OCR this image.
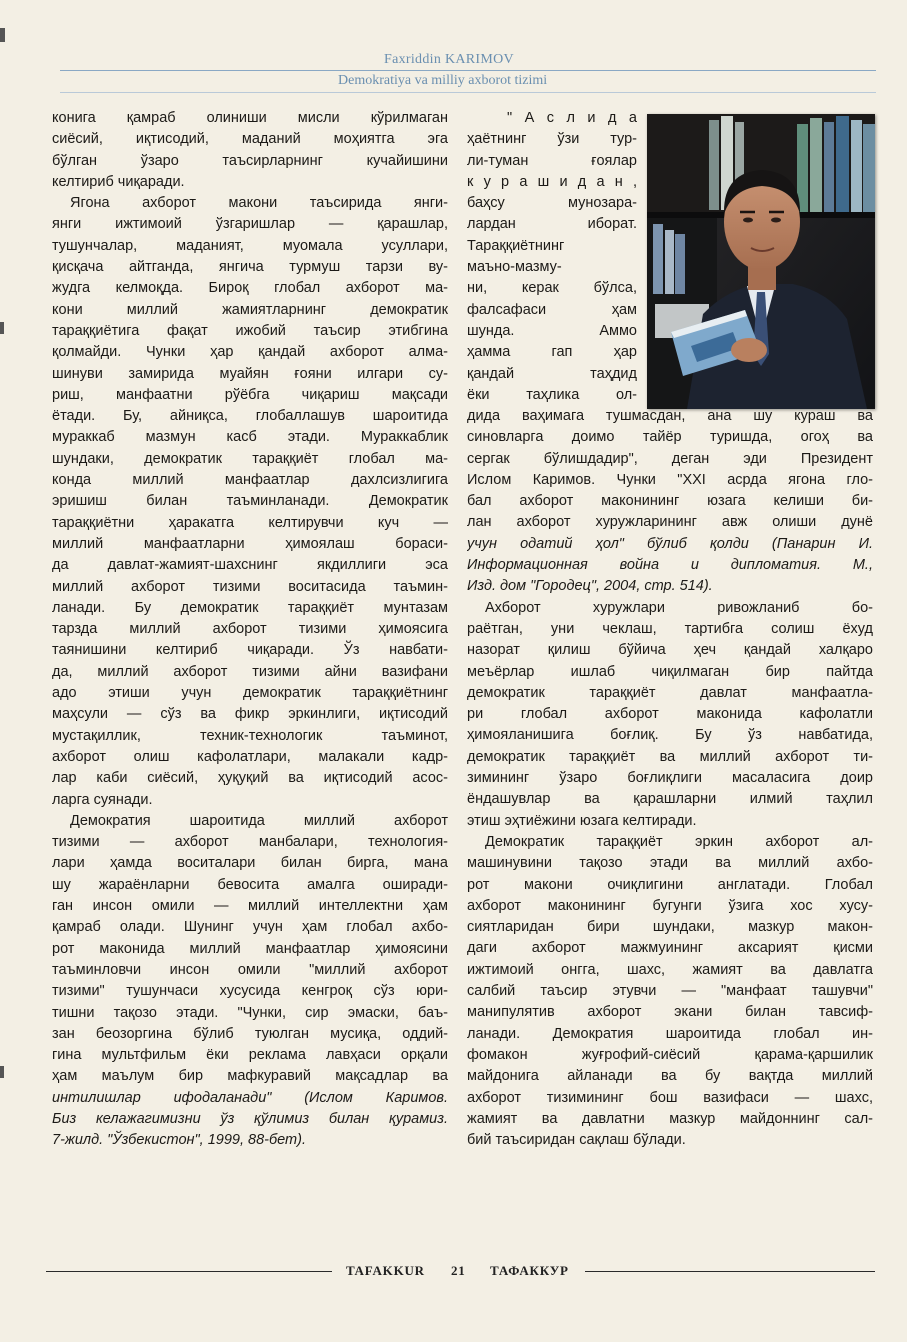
Faxriddin KARIMOV
Demokratiya va milliy axborot tizimi
конига қамраб олиниши мисли кўрилмаган
сиёсий, иқтисодий, маданий моҳиятга эга
бўлган ўзаро таъсирларнинг кучайишини
келтириб чиқаради.
Ягона ахборот макони таъсирида янги-
янги ижтимоий ўзгаришлар — қарашлар,
тушунчалар, маданият, муомала усуллари,
қисқача айтганда, янгича турмуш тарзи ву-
жудга келмоқда. Бироқ глобал ахборот ма-
кони миллий жамиятларнинг демократик
тараққиётига фақат ижобий таъсир этибгина
қолмайди. Чунки ҳар қандай ахборот алма-
шинуви замирида муайян ғояни илгари су-
риш, манфаатни рўёбга чиқариш мақсади
ётади. Бу, айниқса, глобаллашув шароитида
мураккаб мазмун касб этади. Мураккаблик
шундаки, демократик тараққиёт глобал ма-
конда миллий манфаатлар дахлсизлигига
эришиш билан таъминланади. Демократик
тараққиётни ҳаракатга келтирувчи куч —
миллий манфаатларни ҳимоялаш бораси-
да давлат-жамият-шахснинг якдиллиги эса
миллий ахборот тизими воситасида таъмин-
ланади. Бу демократик тараққиёт мунтазам
тарзда миллий ахборот тизими ҳимоясига
таянишини келтириб чиқаради. Ўз навбати-
да, миллий ахборот тизими айни вазифани
адо этиши учун демократик тараққиётнинг
маҳсули — сўз ва фикр эркинлиги, иқтисодий
мустақиллик, техник-технологик таъминот,
ахборот олиш кафолатлари, малакали кадр-
лар каби сиёсий, ҳуқуқий ва иқтисодий асос-
ларга суянади.
Демократия шароитида миллий ахборот
тизими — ахборот манбалари, технология-
лари ҳамда воситалари билан бирга, мана
шу жараёнларни бевосита амалга оширади-
ган инсон омили — миллий интеллектни ҳам
қамраб олади. Шунинг учун ҳам глобал ахбо-
рот маконида миллий манфаатлар ҳимоясини
таъминловчи инсон омили "миллий ахборот
тизими" тушунчаси хусусида кенгроқ сўз юри-
тишни тақозо этади. "Чунки, сир эмаски, баъ-
зан беозоргина бўлиб туюлган мусиқа, оддий-
гина мультфильм ёки реклама лавҳаси орқали
ҳам маълум бир мафкуравий мақсадлар ва
интилишлар ифодаланади" (Ислом Каримов.
Биз келажагимизни ўз қўлимиз билан қурамиз.
7-жилд. "Ўзбекистон", 1999, 88-бет).
" А с л и д а
ҳаётнинг ўзи тур-
ли-туман ғоялар
к у р а ш и д а н ,
баҳсу мунозара-
лардан иборат.
Тараққиётнинг
маъно-мазму-
ни, керак бўлса,
фалсафаси ҳам
шунда. Аммо
ҳамма гап ҳар
қандай таҳдид
ёки таҳлика ол-
дида ваҳимага тушмасдан, ана шу кураш ва
синовларга доимо тайёр туришда, огоҳ ва
сергак бўлишдадир", деган эди Президент
Ислом Каримов. Чунки "XXI асрда ягона гло-
бал ахборот маконининг юзага келиши би-
лан ахборот хуружларининг авж олиши дунё
учун одатий ҳол" бўлиб қолди (Панарин И.
Информационная война и дипломатия. М.,
Изд. дом "Городец", 2004, стр. 514).
Ахборот хуружлари ривожланиб бо-
раётган, уни чеклаш, тартибга солиш ёхуд
назорат қилиш бўйича ҳеч қандай халқаро
меъёрлар ишлаб чиқилмаган бир пайтда
демократик тараққиёт давлат манфаатла-
ри глобал ахборот маконида кафолатли
ҳимояланишига боғлиқ. Бу ўз навбатида,
демократик тараққиёт ва миллий ахборот ти-
зимининг ўзаро боғлиқлиги масаласига доир
ёндашувлар ва қарашларни илмий таҳлил
этиш эҳтиёжини юзага келтиради.
Демократик тараққиёт эркин ахборот ал-
машинувини тақозо этади ва миллий ахбо-
рот макони очиқлигини англатади. Глобал
ахборот маконининг бугунги ўзига хос хусу-
сиятларидан бири шундаки, мазкур макон-
даги ахборот мажмуининг аксарият қисми
ижтимоий онгга, шахс, жамият ва давлатга
салбий таъсир этувчи — "манфаат ташувчи"
манипулятив ахборот экани билан тавсиф-
ланади. Демократия шароитида глобал ин-
фомакон жуғрофий-сиёсий қарама-қаршилик
майдонига айланади ва бу вақтда миллий
ахборот тизимининг бош вазифаси — шахс,
жамият ва давлатни мазкур майдоннинг сал-
бий таъсиридан сақлаш бўлади.
TAFAKKUR 21 ТАФАККУР
